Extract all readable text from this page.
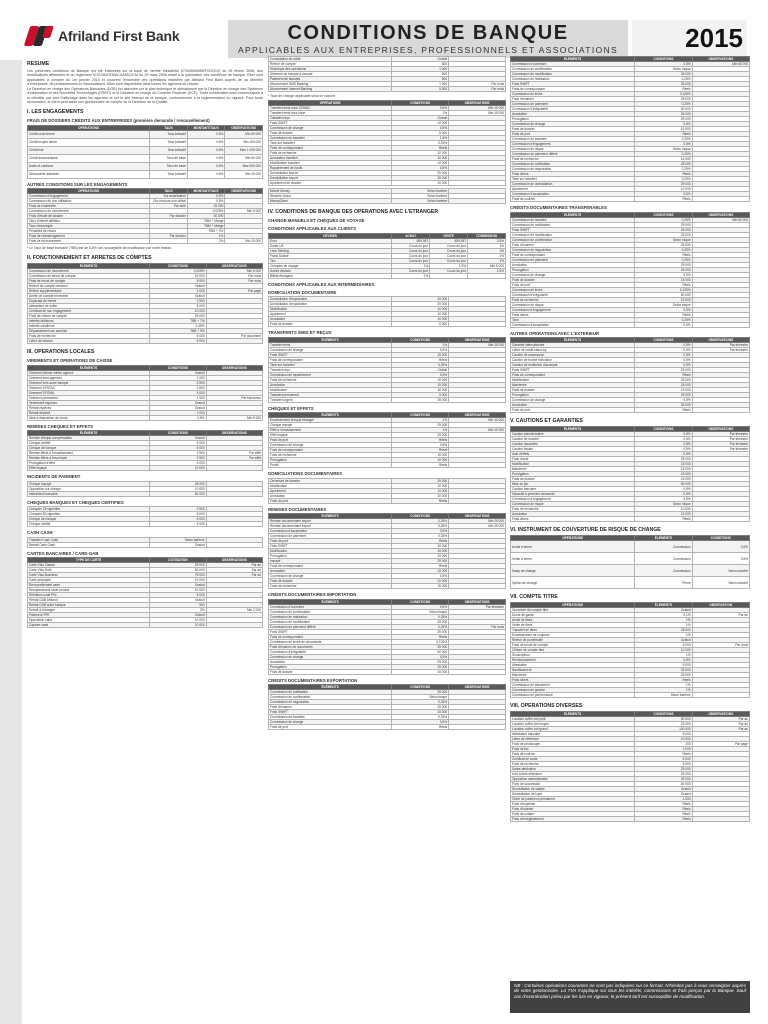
Afriland First Bank	CONDITIONS DE BANQUE
APPLICABLES AUX ENTREPRISES, PROFESSIONNELS ET ASSOCIATIONS	2015
RESUME
Les présentes conditions de Banque ont été élaborées sur la base de l'arrêté ministériel N°00284/MINEFI/DCE/O du 28 février 2006, des modifications afférentes et du règlement N°01/09/CEMAC/UMAC/CM du 29 mars 2006 relatif à la publication des conditions de banque. Elles sont applicables à compter du 1er janvier 2015 et couvrent l'ensemble des opérations réalisées par Afriland First Bank auprès de sa clientèle d'entreprises, de professionnels et d'associations. Elles sont disponibles dans toutes les agences du réseau.
La Direction en charge des Opérations Bancaires (DOB) est associée sur le plan technique et opérationnel par la Direction en charge des Systèmes d'Information et des Nouvelles Technologies (DSINT) et la Direction en charge du Contrôle Financier (DCF). Toute modification sera communiquée à la clientèle par voie d'affichage dans les agences et sur le site internet de la banque, conformément à la réglementation en vigueur. Pour toute réclamation, le client peut saisir son gestionnaire de compte ou la Direction de la Qualité.
I. LES ENGAGEMENTS
FRAIS DE DOSSIERS CRÉDITS AUX ENTREPRISES (première demande / renouvellement)
OPÉRATIONS	TAUX	MONTANT/TAUX	OBSERVATIONS
Crédit court terme	Taux indicatif	0,5%	Min 50 000
Crédit moyen terme	Taux indicatif	0,5%	Min 100 000
Crédit bail	Taux indicatif	0,5%	Max 1 000 000
Crédit documentaire	Taux de base	0,5%	Min 50 000
Avals et cautions	Taux de base	0,5%	Max 500 000
Découverts autorisés	Taux indicatif	0,5%	Min 25 000
AUTRES CONDITIONS SUR LES ENGAGEMENTS
OPÉRATIONS	TAUX	MONTANT/TAUX	OBSERVATIONS
Commission d'engagement	Sur autorisation	0,5%	
Commission de non utilisation	Sur encours non utilisé	0,5%	
Frais de mainlevée	Par acte	25 000	
Commission de mouvement		0,025%	Min 5 000
Frais d'étude de dossier	Par dossier	50 000	
Taux d'intérêt débiteur		TBM + Marge	
Taux d'escompte		TBM + Marge	
Pénalités de retard		TBM + 3%	
Frais de réaménagement	Par dossier	1%	
Frais de recouvrement		2%	Min 10 000
* Le Taux de base bancaire (TBB) est de 8,5% l'an, susceptible de modification par notre réseau
II. FONCTIONNEMENT ET ARRETES DE COMPTES
ÉLÉMENTS	CONDITIONS	OBSERVATIONS
Commission de mouvement	0,025%	Min 5 000
Commission de tenue de compte	15 000	Par mois
Frais de tenue de compte	5 000	Par mois
Relevé de compte mensuel	Gratuit	
Relevé supplémentaire	2 000	Par page
Arrêté de compte trimestriel	Gratuit	
Duplicata de relevé	2 500	
Attestation de solde	5 000	
Certificat de non engagement	10 000	
Frais de clôture de compte	25 000	
Intérêts débiteurs	TBB + 7%	
Intérêts créditeurs	2,45%	
Dépassement non autorisé	TBB + 9%	
Frais de recherche	5 000	Par document
Lettre de relance	5 000	
III. OPERATIONS LOCALES
VIREMENTS ET OPERATIONS DE CAISSE
ÉLÉMENTS	CONDITIONS	OBSERVATIONS
Virement interne même agence	Gratuit	
Virement inter-agences	1 000	
Virement vers autre banque	2 500	
Virement SYSTAC	2 500	
Virement SYGMA	5 000	
Virement permanent	1 500	Par échéance
Versement espèces	Gratuit	
Retrait espèces	Gratuit	
Retrait déplacé	2 000	
Mise à disposition de fonds	0,5%	Min 5 000
REMISES CHEQUES ET EFFETS
ÉLÉMENTS	CONDITIONS	OBSERVATIONS
Remise chèque compensation	Gratuit	
Chèque certifié	5 000	
Chèque de banque	5 000	
Remise effets à l'encaissement	2 500	Par effet
Remise effets à l'escompte	2 500	Par effet
Prorogation d'effet	5 000	
Effet impayé	10 000	
INCIDENTS DE PAIEMENT
Chèque impayé	25 000	
Opposition sur chèque	10 000	
Interdiction bancaire	50 000	
CHEQUES BANQUES ET CHEQUES CERTIFIES
Chéquier 25 vignettes	2 500	
Chéquier 50 vignettes	5 000	
Chèque de banque	5 000	
Chèque certifié	5 000	
CASH CASH
Transfert Cash Cash	Selon barème	
Retrait Cash Cash	Gratuit	
CARTES BANCAIRES / CARD-GAB
TYPE DE CARTE	COTISATION	OBSERVATIONS
Carte Visa Classic	25 000	Par an
Carte Visa Gold	50 000	Par an
Carte Visa Business	75 000	Par an
Carte prépayée	10 000	
Renouvellement carte	Gratuit	
Remplacement carte perdue	10 000	
Réédition code PIN	5 000	
Retrait GAB Afriland	Gratuit	
Retrait GAB autre banque	500	
Retrait à l'étranger	2%	Min 2 000
Paiement TPE	Gratuit	
Opposition carte	10 000	
Capture carte	10 000	
Consultation de solde	Gratuit	
Relevé de compte	500	
Historique des opérations	1 000	
Virement de compte à compte	500	
Paiement de factures	500	
Abonnement SMS Banking	1 000	Par mois
Abonnement Internet Banking	5 000	Par mois
* Taux de change applicable selon le marché
OPÉRATIONS	CONDITIONS	OBSERVATIONS
Transfert émis zone CEMAC	0,5%	Min 10 000
Transfert émis hors zone	1%	Min 15 000
Transfert reçu	Gratuit	
Frais SWIFT	10 000	
Commission de change	0,5%	
Frais de dossier	5 000	
Commission de transfert	1,5%	
Taxe sur transfert	0,25%	
Frais de correspondant	Réels	
Frais de recherche	10 000	
Annulation transfert	10 000	
Modification transfert	10 000	
Rapatriement de fonds	0,5%	
Domiciliation import	25 000	
Domiciliation export	25 000	
Apurement de dossier	10 000	
Mobile Money	Selon barème	
Western Union	Selon barème	
MoneyGram	Selon barème	
IV. CONDITIONS DE BANQUE DES OPERATIONS AVEC L'ETRANGER
CHANGE MANUELS ET CHÈQUES DE VOYAGE
CONDITIONS APPLICABLES AUX CLIENTS
DEVISES	ACHAT	VENTE	COMMISSION
Euro	655,957	655,957	0,5%
Dollar US	Cours du jour	Cours du jour	1%
Livre Sterling	Cours du jour	Cours du jour	1%
Franc Suisse	Cours du jour	Cours du jour	1%
Yen	Cours du jour	Cours du jour	1%
Chèques de voyage	1%	1,5%	Min 5 000
Autres devises	Cours du jour	Cours du jour	1,5%
Billets étrangers	1%		
CONDITIONS APPLICABLES AUX INTERMÉDIAIRES
DOMICILIATION DOCUMENTAIRE
Domiciliation d'importation	25 000	
Domiciliation d'exportation	25 000	
Modification	10 000	
Apurement	10 000	
Annulation	10 000	
Frais de dossier	5 000	
TRANSFERTS ÉMIS ET REÇUS
ÉLÉMENTS	CONDITIONS	OBSERVATIONS
Transfert émis	1%	Min 15 000
Commission de change	0,5%	
Frais SWIFT	15 000	
Frais de correspondant	Réels	
Taxe sur transfert	0,25%	
Transfert reçu	Gratuit	
Commission de rapatriement	0,5%	
Frais de recherche	15 000	
Annulation	15 000	
Modification	15 000	
Transfert permanent	5 000	
Transfert urgent	25 000	
CHÈQUES ET EFFETS
ÉLÉMENTS	CONDITIONS	OBSERVATIONS
Encaissement chèque étranger	1%	Min 10 000
Chèque impayé	25 000	
Effet à l'encaissement	1%	Min 10 000
Effet impayé	25 000	
Frais de port	Réels	
Commission de change	0,5%	
Frais de correspondant	Réels	
Frais de recherche	15 000	
Prorogation	10 000	
Protêt	Réels	
DOMICILIATIONS DOCUMENTAIRES
Ouverture de dossier	25 000	
Modification	10 000	
Apurement	10 000	
Annulation	10 000	
Frais de port	Réels	
REMISES DOCUMENTAIRES
ÉLÉMENTS	CONDITIONS	OBSERVATIONS
Remise documentaire import	0,25%	Min 25 000
Remise documentaire export	0,25%	Min 25 000
Commission d'acceptation	0,5%	
Commission de paiement	0,25%	
Frais de port	Réels	
Frais SWIFT	15 000	
Modification	15 000	
Prorogation	15 000	
Impayé	25 000	
Frais de correspondant	Réels	
Annulation	15 000	
Commission de change	0,5%	
Frais de dossier	10 000	
Frais de recherche	15 000	
CRÉDITS DOCUMENTAIRES IMPORTATION
ÉLÉMENTS	CONDITIONS	OBSERVATIONS
Commission d'ouverture	0,5%	Par trimestre
Commission de confirmation	Selon risque	
Commission de réalisation	0,25%	
Commission de modification	25 000	
Commission de paiement différé	0,25%	Par mois
Frais SWIFT	25 000	
Frais de correspondant	Réels	
Commission de levée de documents	0,125%	
Frais d'examen de documents	25 000	
Commission d'irrégularité	50 000	
Commission de change	0,5%	
Annulation	25 000	
Prorogation	25 000	
Frais de dossier	15 000	
CRÉDITS DOCUMENTAIRES EXPORTATION
ÉLÉMENTS	CONDITIONS	OBSERVATIONS
Commission de notification	25 000	
Commission de confirmation	Selon risque	
Commission de négociation	0,25%	
Frais d'examen	25 000	
Frais SWIFT	15 000	
Commission de transfert	0,25%	
Commission de change	0,5%	
Frais de port	Réels	
ÉLÉMENTS	CONDITIONS	OBSERVATIONS
Commission d'ouverture	0,5%	Min 50 000
Commission de confirmation	Selon risque	
Commission de modification	25 000	
Commission de réalisation	0,25%	
Frais SWIFT	25 000	
Frais de correspondant	Réels	
Commission de levée	0,125%	
Frais d'examen	25 000	
Commission de paiement	0,25%	
Commission d'irrégularité	50 000	
Annulation	25 000	
Prorogation	25 000	
Commission de change	0,5%	
Frais de dossier	15 000	
Frais de port	Réels	
Commission de transfert	0,25%	
Commission d'engagement	0,5%	
Commission de risque	Selon risque	
Commission de paiement différé	0,25%	
Frais de recherche	15 000	
Commission de notification	25 000	
Commission de négociation	0,25%	
Frais divers	Réels	
Taxe sur transfert	0,25%	
Commission de domiciliation	25 000	
Apurement	10 000	
Commission d'acceptation	0,5%	
Frais de courrier	Réels	
CRÉDITS DOCUMENTAIRES TRANSFÉRABLES
ÉLÉMENTS	CONDITIONS	OBSERVATIONS
Commission de transfert	0,25%	Min 50 000
Commission de notification	25 000	
Frais SWIFT	25 000	
Commission de modification	25 000	
Commission de confirmation	Selon risque	
Frais d'examen	25 000	
Commission de négociation	0,25%	
Frais de correspondant	Réels	
Commission de paiement	0,25%	
Annulation	25 000	
Prorogation	25 000	
Commission de change	0,5%	
Frais de dossier	15 000	
Frais de port	Réels	
Commission de levée	0,125%	
Commission d'irrégularité	50 000	
Frais de recherche	15 000	
Commission de risque	Selon risque	
Commission d'engagement	0,5%	
Frais divers	Réels	
Taxe	0,25%	
Commission d'acceptation	0,5%	
AUTRES OPERATIONS AVEC L'EXTERIEUR
ÉLÉMENTS	CONDITIONS	OBSERVATIONS
Garantie internationale	0,5%	Par trimestre
Lettre de crédit stand-by	0,5%	Par trimestre
Caution de soumission	0,5%	
Caution de bonne exécution	0,5%	
Caution de restitution d'acompte	0,5%	
Frais SWIFT	25 000	
Frais de correspondant	Réels	
Modification	25 000	
Mainlevée	25 000	
Frais de dossier	15 000	
Prorogation	25 000	
Commission de change	0,5%	
Annulation	25 000	
Frais de port	Réels	
V. CAUTIONS ET GARANTIES
ÉLÉMENTS	CONDITIONS	OBSERVATIONS
Caution administrative	0,5%	Par trimestre
Caution de marché	0,5%	Par trimestre
Caution douanière	0,5%	Par trimestre
Caution fiscale	0,5%	Par trimestre
Aval d'effets	0,5%	
Frais d'acte	25 000	
Modification	15 000	
Mainlevée	15 000	
Prorogation	15 000	
Frais de dossier	15 000	
Mise en jeu	50 000	
Caution bancaire	0,5%	
Garantie à première demande	0,5%	
Commission d'engagement	0,5%	
Commission de risque	Selon risque	
Frais de recherche	10 000	
Annulation	15 000	
Frais divers	Réels	
VI. INSTRUMENT DE COUVERTURE DE RISQUE DE CHANGE
OPÉRATIONS	ÉLÉMENTS	CONDITIONS
Achat à terme	Commission	0,5%
Vente à terme	Commission	0,5%
Swap de change	Commission	Selon marché
Option de change	Prime	Selon marché
VII. COMPTE TITRE
OPÉRATIONS	ÉLÉMENTS	OBSERVATION
Ouverture de compte titre	Gratuit	
Droits de garde	0,1%	Par an
Achat de titres	1%	
Vente de titres	1%	
Transfert de titres	25 000	
Encaissement de coupons	1%	
Relevé de portefeuille	Gratuit	
Frais de tenue de compte	5 000	Par mois
Clôture de compte titre	10 000	
Souscription	1%	
Remboursement	0,5%	
Attestation	5 000	
Nantissement	25 000	
Mainlevée	25 000	
Frais divers	Réels	
Commission de placement	1%	
Commission de gestion	1%	
Commission de performance	Selon barème	
VIII. OPERATIONS DIVERSES
ÉLÉMENTS	CONDITIONS	OBSERVATIONS
Location coffre-fort petit	50 000	Par an
Location coffre-fort moyen	75 000	Par an
Location coffre-fort grand	100 000	Par an
Attestation bancaire	5 000	
Lettre de référence	10 000	
Frais de photocopie	100	Par page
Frais de fax	1 000	
Frais de courrier	Réels	
Certificat de solde	5 000	
Frais de recherche	5 000	
Saisie-attribution	25 000	
Avis à tiers détenteur	25 000	
Opposition administrative	25 000	
Frais de succession	50 000	
Domiciliation de salaire	Gratuit	
Domiciliation de loyer	Gratuit	
Ordre de paiement permanent	1 500	
Frais d'expertise	Réels	
Frais d'huissier	Réels	
Frais de notaire	Réels	
Frais d'enregistrement	Réels	
NB : Certaines opérations courantes ne sont pas indiquées sur ce format. N'hésitez pas à vous renseigner auprès de votre gestionnaire. La TVA s'applique sur tous les intérêts, commissions et frais perçus par la Banque. Sauf cas d'exonération prévu par les lois en vigueur, le présent tarif est susceptible de modification.
